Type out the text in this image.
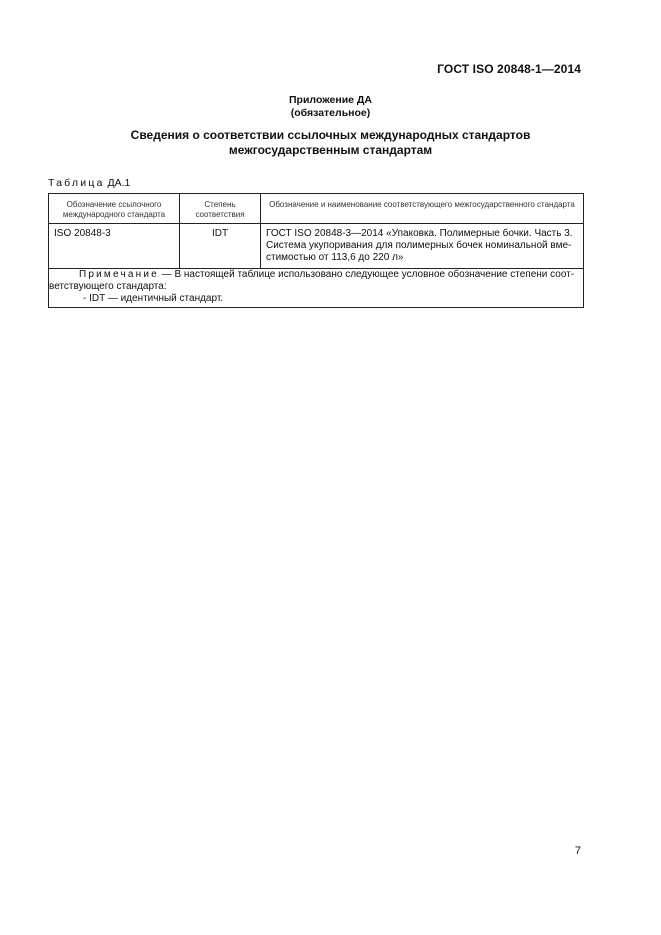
ГОСТ ISO 20848-1—2014
Приложение ДА
(обязательное)
Сведения о соответствии ссылочных международных стандартов
межгосударственным стандартам
Таблица ДА.1
Обозначение ссылочного международного стандарта	Степень соответствия	Обозначение и наименование соответствующего межгосударственного стандарта
ISO 20848-3	IDT	ГОСТ ISO 20848-3—2014 «Упаковка. Полимерные бочки. Часть 3. Система укупоривания для полимерных бочек номинальной вме-стимостью от 113,6 до 220 л»

Примечание — В настоящей таблице использовано следующее условное обозначение степени соот-
ветствующего стандарта:
- IDT — идентичный стандарт.		
7
